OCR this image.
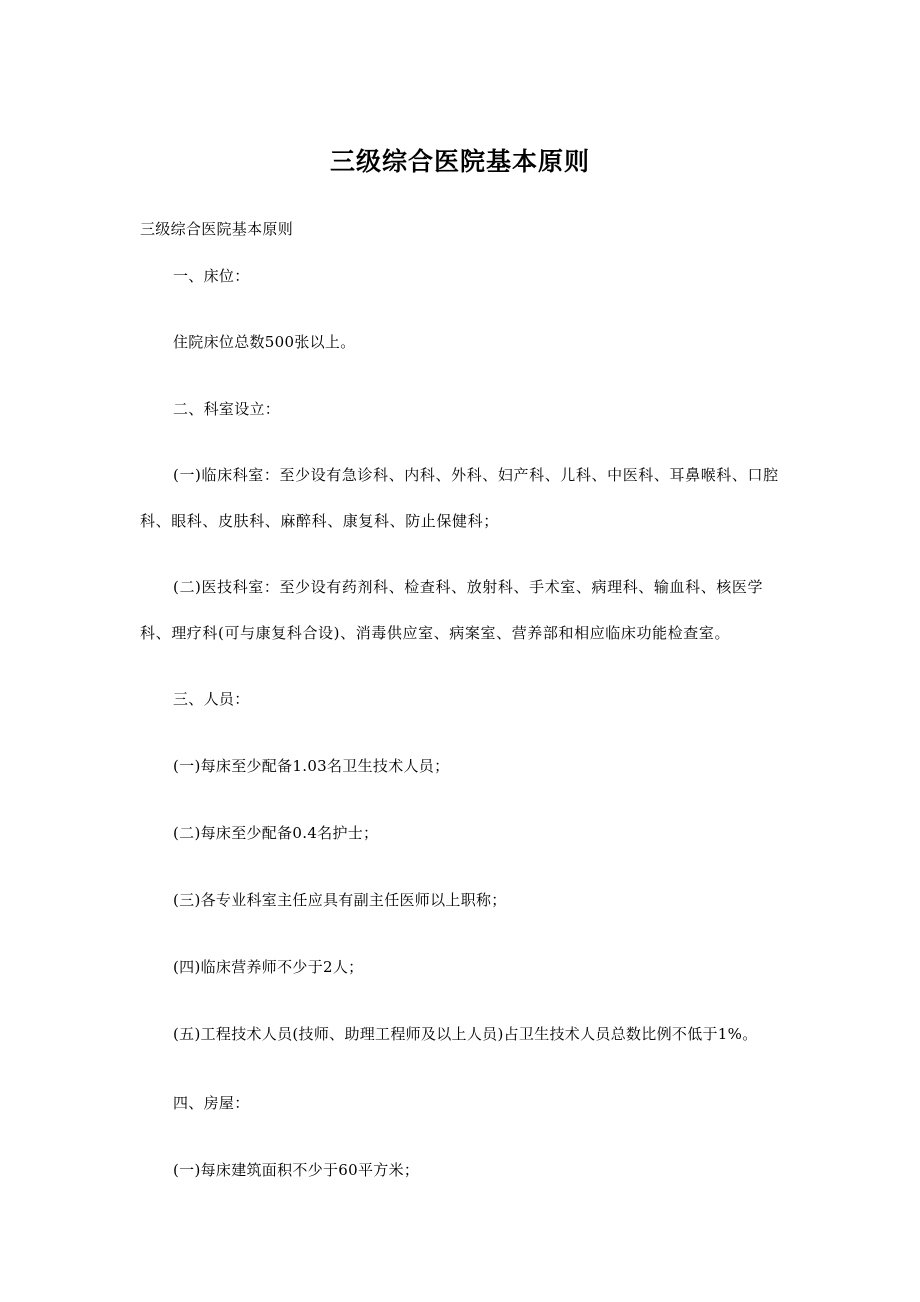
三级综合医院基本原则
三级综合医院基本原则
一、床位：
住院床位总数500张以上。
二、科室设立：
(一)临床科室：至少设有急诊科、内科、外科、妇产科、儿科、中医科、耳鼻喉科、口腔科、眼科、皮肤科、麻醉科、康复科、防止保健科；
(二)医技科室：至少设有药剂科、检查科、放射科、手术室、病理科、输血科、核医学科、理疗科(可与康复科合设)、消毒供应室、病案室、营养部和相应临床功能检查室。
三、人员：
(一)每床至少配备1.03名卫生技术人员；
(二)每床至少配备0.4名护士；
(三)各专业科室主任应具有副主任医师以上职称；
(四)临床营养师不少于2人；
(五)工程技术人员(技师、助理工程师及以上人员)占卫生技术人员总数比例不低于1%。
四、房屋：
(一)每床建筑面积不少于60平方米；
